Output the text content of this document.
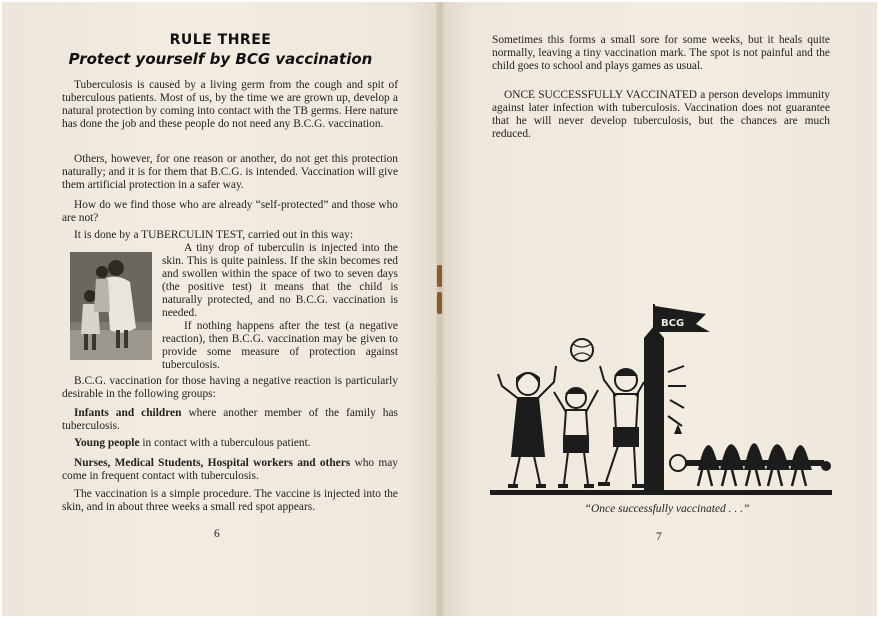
RULE THREE

Protect yourself by BCG vaccination

Tuberculosis is caused by a living germ from the cough and spit of tuberculous patients. Most of us, by the time we are grown up, develop a natural protection by coming into contact with the TB germs. Here nature has done the job and these people do not need any B.C.G. vaccination.

Others, however, for one reason or another, do not get this protection naturally; and it is for them that B.C.G. is intended. Vaccination will give them artificial protection in a safer way.

How do we find those who are already “self-protected” and those who are not?

It is done by a TUBERCULIN TEST, carried out in this way:

A tiny drop of tuberculin is injected into the skin. This is quite painless. If the skin becomes red and swollen within the space of two to seven days (the positive test) it means that the child is naturally protected, and no B.C.G. vaccination is needed.

If nothing happens after the test (a negative reaction), then B.C.G. vaccination may be given to provide some measure of protection against tuberculosis.

B.C.G. vaccination for those having a negative reaction is particularly desirable in the following groups:

Infants and children where another member of the family has tuberculosis.

Young people in contact with a tuberculous patient.

Nurses, Medical Students, Hospital workers and others who may come in frequent contact with tuberculosis.

The vaccination is a simple procedure. The vaccine is injected into the skin, and in about three weeks a small red spot appears.

6

Sometimes this forms a small sore for some weeks, but it heals quite normally, leaving a tiny vaccination mark. The spot is not painful and the child goes to school and plays games as usual.

ONCE SUCCESSFULLY VACCINATED a person develops immunity against later infection with tuberculosis. Vaccination does not guarantee that he will never develop tuberculosis, but the chances are much reduced.

BCG
“Once successfully vaccinated . . .”
7
